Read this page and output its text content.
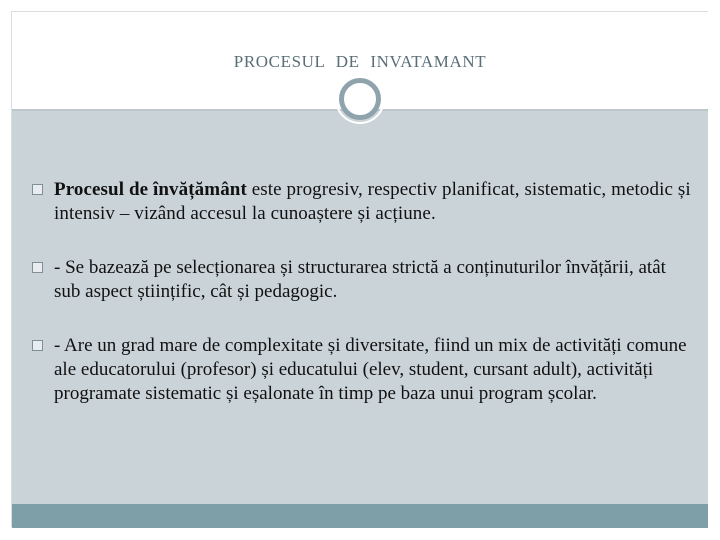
PROCESUL DE INVATAMANT
Procesul de învățământ este progresiv, respectiv planificat, sistematic, metodic și intensiv – vizând accesul la cunoaștere și acțiune.
- Se bazează pe selecționarea și structurarea strictă a conținuturilor învățării, atât sub aspect științific, cât și pedagogic.
- Are un grad mare de complexitate și diversitate, fiind un mix de activități comune ale educatorului (profesor) și educatului (elev, student, cursant adult), activități programate sistematic și eșalonate în timp pe baza unui program școlar.
